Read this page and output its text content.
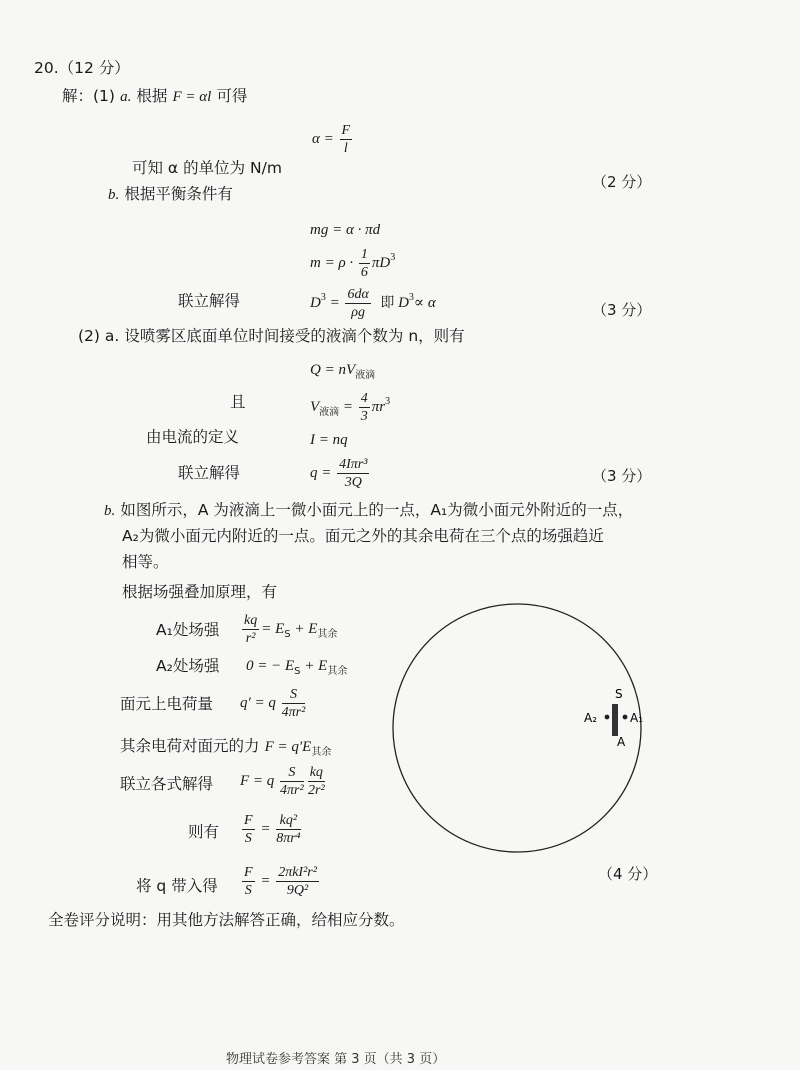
20.（12 分）
解：(1) a. 根据 F = αl 可得
$\alpha = \frac{F}{l}$
可知 α 的单位为 N/m
b. 根据平衡条件有
（2 分）
mg = α · πd
$m = \rho \cdot \frac{1}{6} \pi D^3$
联立解得	$D^3 = \frac{6d\alpha}{\rho g}$ 即 $D^3\propto \alpha$	（3 分）
(2) a. 设喷雾区底面单位时间接受的液滴个数为 n，则有
$Q = nV_{液滴}$
且	$V_{液滴} = \frac{4}{3} \pi r^3$
由电流的定义	I = nq
联立解得	$q = \frac{\text{4Iπr³}}{3Q}$	（3 分）
b. 如图所示，A 为液滴上一微小面元上的一点，A₁为微小面元外附近的一点，
A₂为微小面元内附近的一点。面元之外的其余电荷在三个点的场强趋近
相等。
根据场强叠加原理，有
A₁处场强 $\frac{kq}{\text{r²}} = E_S + E_{其余}$
A₂处场强 0 = − $E_S + E_{其余}$
面元上电荷量 q′ = q $\frac{S}{\text{4πr²}}$
其余电荷对面元的力 $F = q'E_{其余}$
联立各式解得 F = q $\frac{S}{\text{4πr²}} \frac{kq}{\text{2r²}}$
则有 $\frac{F}{S} = \frac{\text{kq²}}{\text{8πr⁴}}$
将 q 带入得 $\frac{F}{S} = \frac{\text{2πkI²r²}}{\text{9Q²}}$	（4 分）
全卷评分说明：用其他方法解答正确，给相应分数。
物理试卷参考答案 第 3 页（共 3 页）
S
A
A₁
A₂
